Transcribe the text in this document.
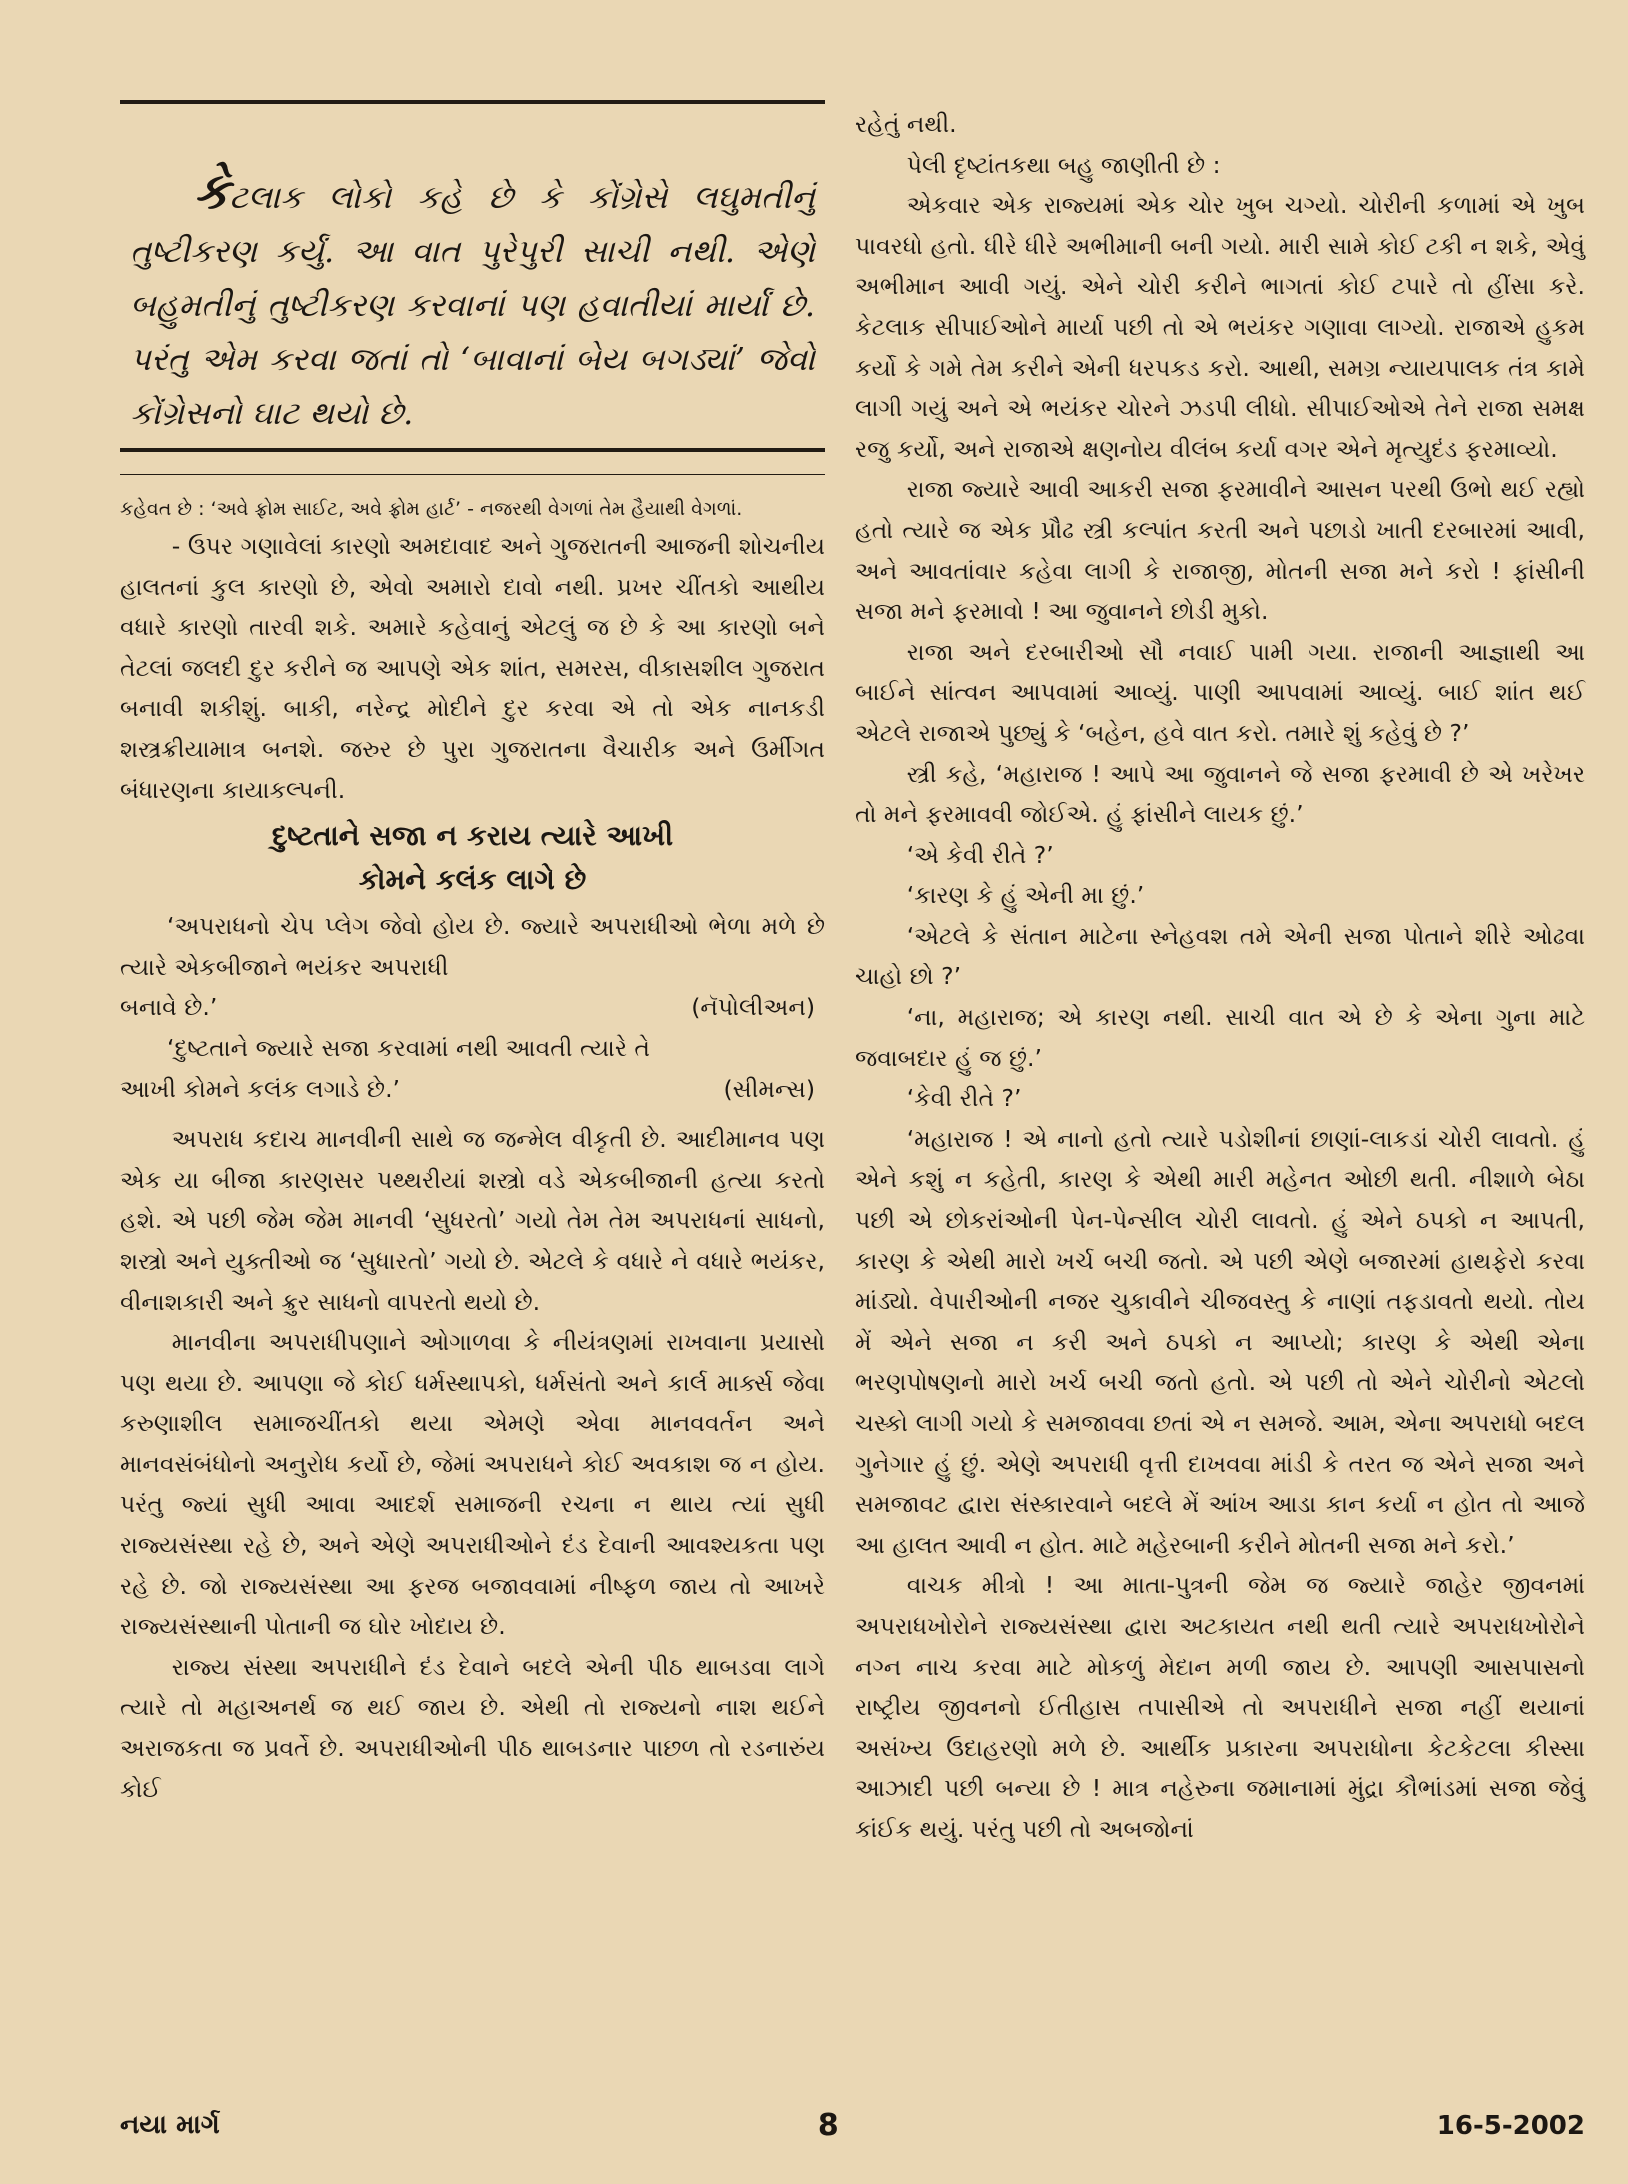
કેટલાક લોકો કહે છે કે કોંગ્રેસે લઘુમતીનું તુષ્ટીકરણ કર્યું. આ વાત પુરેપુરી સાચી નથી. એણે બહુમતીનું તુષ્ટીકરણ કરવાનાં પણ હવાતીયાં માર્યાં છે. પરંતુ એમ કરવા જતાં તો ‘બાવાનાં બેય બગડ્યાં’ જેવો કોંગ્રેસનો ઘાટ થયો છે.

કહેવત છે : ‘અવે ફ્રોમ સાઈટ, અવે ફ્રોમ હાર્ટ’ - નજરથી વેગળાં તેમ હૈયાથી વેગળાં.

- ઉપર ગણાવેલાં કારણો અમદાવાદ અને ગુજરાતની આજની શોચનીય હાલતનાં કુલ કારણો છે, એવો અમારો દાવો નથી. પ્રખર ચીંતકો આથીય વધારે કારણો તારવી શકે. અમારે કહેવાનું એટલું જ છે કે આ કારણો બને તેટલાં જલદી દુર કરીને જ આપણે એક શાંત, સમરસ, વીકાસશીલ ગુજરાત બનાવી શકીશું. બાકી, નરેન્દ્ર મોદીને દુર કરવા એ તો એક નાનકડી શસ્ત્રક્રીયામાત્ર બનશે. જરુર છે પુરા ગુજરાતના વૈચારીક અને ઉર્મીગત બંધારણના કાયાકલ્પની.

દુષ્ટતાને સજા ન કરાય ત્યારે આખી
કોમને કલંક લાગે છે

‘અપરાધનો ચેપ પ્લેગ જેવો હોય છે. જ્યારે અપરાધીઓ ભેળા મળે છે ત્યારે એકબીજાને ભયંકર અપરાધી

બનાવે છે.’	(નૅપોલીઅન)

‘દુષ્ટતાને જ્યારે સજા કરવામાં નથી આવતી ત્યારે તે

આખી કોમને કલંક લગાડે છે.’	(સીમન્સ)

અપરાધ કદાચ માનવીની સાથે જ જન્મેલ વીકૃતી છે. આદીમાનવ પણ એક યા બીજા કારણસર પથ્થરીયાં શસ્ત્રો વડે એકબીજાની હત્યા કરતો હશે. એ પછી જેમ જેમ માનવી ‘સુધરતો’ ગયો તેમ તેમ અપરાધનાં સાધનો, શસ્ત્રો અને યુક્તીઓ જ ‘સુધારતો’ ગયો છે. એટલે કે વધારે ને વધારે ભયંકર, વીનાશકારી અને ક્રુર સાધનો વાપરતો થયો છે.

માનવીના અપરાધીપણાને ઓગાળવા કે નીયંત્રણમાં રાખવાના પ્રયાસો પણ થયા છે. આપણા જે કોઈ ધર્મસ્થાપકો, ધર્મસંતો અને કાર્લ માર્ક્સ જેવા કરુણાશીલ સમાજચીંતકો થયા એમણે એવા માનવવર્તન અને માનવસંબંધોનો અનુરોધ કર્યો છે, જેમાં અપરાધને કોઈ અવકાશ જ ન હોય. પરંતુ જ્યાં સુધી આવા આદર્શ સમાજની રચના ન થાય ત્યાં સુધી રાજ્યસંસ્થા રહે છે, અને એણે અપરાધીઓને દંડ દેવાની આવશ્યકતા પણ રહે છે. જો રાજ્યસંસ્થા આ ફરજ બજાવવામાં નીષ્ફળ જાય તો આખરે રાજ્યસંસ્થાની પોતાની જ ઘોર ખોદાય છે.

રાજ્ય સંસ્થા અપરાધીને દંડ દેવાને બદલે એની પીઠ થાબડવા લાગે ત્યારે તો મહાઅનર્થ જ થઈ જાય છે. એથી તો રાજ્યનો નાશ થઈને અરાજકતા જ પ્રવર્તે છે. અપરાધીઓની પીઠ થાબડનાર પાછળ તો રડનારુંય કોઈ

રહેતું નથી.

પેલી દૃષ્ટાંતકથા બહુ જાણીતી છે :

એકવાર એક રાજ્યમાં એક ચોર ખુબ ચગ્યો. ચોરીની કળામાં એ ખુબ પાવરધો હતો. ધીરે ધીરે અભીમાની બની ગયો. મારી સામે કોઈ ટકી ન શકે, એવું અભીમાન આવી ગયું. એને ચોરી કરીને ભાગતાં કોઈ ટપારે તો હીંસા કરે. કેટલાક સીપાઈઓને માર્યા પછી તો એ ભયંકર ગણાવા લાગ્યો. રાજાએ હુકમ કર્યો કે ગમે તેમ કરીને એની ધરપકડ કરો. આથી, સમગ્ર ન્યાયપાલક તંત્ર કામે લાગી ગયું અને એ ભયંકર ચોરને ઝડપી લીધો. સીપાઈઓએ તેને રાજા સમક્ષ રજુ કર્યો, અને રાજાએ ક્ષણનોય વીલંબ કર્યા વગર એને મૃત્યુદંડ ફરમાવ્યો.

રાજા જ્યારે આવી આકરી સજા ફરમાવીને આસન પરથી ઉભો થઈ રહ્યો હતો ત્યારે જ એક પ્રૌઢ સ્ત્રી કલ્પાંત કરતી અને પછાડો ખાતી દરબારમાં આવી, અને આવતાંવાર કહેવા લાગી કે રાજાજી, મોતની સજા મને કરો ! ફાંસીની સજા મને ફરમાવો ! આ જુવાનને છોડી મુકો.

રાજા અને દરબારીઓ સૌ નવાઈ પામી ગયા. રાજાની આજ્ઞાથી આ બાઈને સાંત્વન આપવામાં આવ્યું. પાણી આપવામાં આવ્યું. બાઈ શાંત થઈ એટલે રાજાએ પુછ્યું કે ‘બહેન, હવે વાત કરો. તમારે શું કહેવું છે ?’

સ્ત્રી કહે, ‘મહારાજ ! આપે આ જુવાનને જે સજા ફરમાવી છે એ ખરેખર તો મને ફરમાવવી જોઈએ. હું ફાંસીને લાયક છું.’

‘એ કેવી રીતે ?’

‘કારણ કે હું એની મા છું.’

‘એટલે કે સંતાન માટેના સ્નેહવશ તમે એની સજા પોતાને શીરે ઓઢવા ચાહો છો ?’

‘ના, મહારાજ; એ કારણ નથી. સાચી વાત એ છે કે એના ગુના માટે જવાબદાર હું જ છું.’

‘કેવી રીતે ?’

‘મહારાજ ! એ નાનો હતો ત્યારે પડોશીનાં છાણાં-લાકડાં ચોરી લાવતો. હું એને કશું ન કહેતી, કારણ કે એથી મારી મહેનત ઓછી થતી. નીશાળે બેઠા પછી એ છોકરાંઓની પેન-પેન્સીલ ચોરી લાવતો. હું એને ઠપકો ન આપતી, કારણ કે એથી મારો ખર્ચ બચી જતો. એ પછી એણે બજારમાં હાથફેરો કરવા માંડ્યો. વેપારીઓની નજર ચુકાવીને ચીજવસ્તુ કે નાણાં તફડાવતો થયો. તોય મેં એને સજા ન કરી અને ઠપકો ન આપ્યો; કારણ કે એથી એના ભરણપોષણનો મારો ખર્ચ બચી જતો હતો. એ પછી તો એને ચોરીનો એટલો ચસ્કો લાગી ગયો કે સમજાવવા છતાં એ ન સમજે. આમ, એના અપરાધો બદલ ગુનેગાર હું છું. એણે અપરાધી વૃત્તી દાખવવા માંડી કે તરત જ એને સજા અને સમજાવટ દ્વારા સંસ્કારવાને બદલે મેં આંખ આડા કાન કર્યા ન હોત તો આજે આ હાલત આવી ન હોત. માટે મહેરબાની કરીને મોતની સજા મને કરો.’

વાચક મીત્રો ! આ માતા-પુત્રની જેમ જ જ્યારે જાહેર જીવનમાં અપરાધખોરોને રાજ્યસંસ્થા દ્વારા અટકાયત નથી થતી ત્યારે અપરાધખોરોને નગ્ન નાચ કરવા માટે મોકળું મેદાન મળી જાય છે. આપણી આસપાસનો રાષ્ટ્રીય જીવનનો ઈતીહાસ તપાસીએ તો અપરાધીને સજા નહીં થયાનાં અસંખ્ય ઉદાહરણો મળે છે. આર્થીક પ્રકારના અપરાધોના કેટકેટલા કીસ્સા આઝાદી પછી બન્યા છે ! માત્ર નહેરુના જમાનામાં મુંદ્રા કૌભાંડમાં સજા જેવું કાંઈક થયું. પરંતુ પછી તો અબજોનાં

નયા માર્ગ	8	16-5-2002
